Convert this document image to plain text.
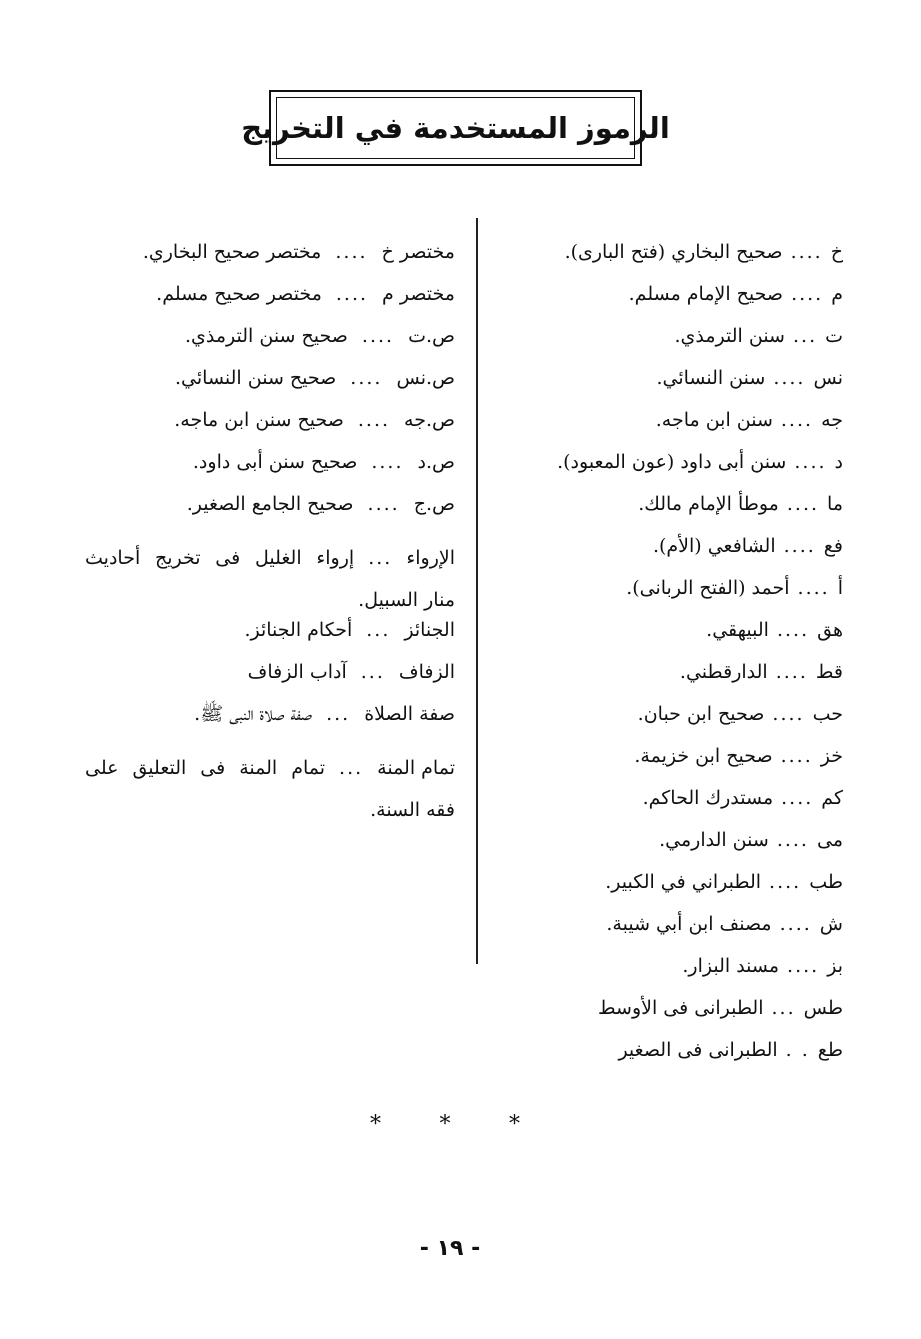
الرموز المستخدمة في التخريج
خ....صحيح البخاري (فتح البارى).
م....صحيح الإمام مسلم.
ت...سنن الترمذي.
نس....سنن النسائي.
جه....سنن ابن ماجه.
د....سنن أبى داود (عون المعبود).
ما....موطأ الإمام مالك.
فع....الشافعي (الأم).
أ....أحمد (الفتح الربانى).
هق....البيهقي.
قط....الدارقطني.
حب....صحيح ابن حبان.
خز....صحيح ابن خزيمة.
كم....مستدرك الحاكم.
مى....سنن الدارمي.
طب....الطبراني في الكبير.
ش....مصنف ابن أبي شيبة.
بز....مسند البزار.
طس...الطبرانى فى الأوسط
طع. .الطبرانى فى الصغير
مختصر خ....مختصر صحيح البخاري.
مختصر م....مختصر صحيح مسلم.
ص.ت....صحيح سنن الترمذي.
ص.نس....صحيح سنن النسائي.
ص.جه....صحيح سنن ابن ماجه.
ص.د....صحيح سنن أبى داود.
ص.ج....صحيح الجامع الصغير.
الإرواء...إرواء الغليل فى تخريج أحاديث منار السبيل.
الجنائز...أحكام الجنائز.
الزفاف...آداب الزفاف
صفة الصلاة...صفة صلاة النبى ﷺ.
تمام المنة...تمام المنة فى التعليق على فقه السنة.
*	*	*
- ١٩ -
